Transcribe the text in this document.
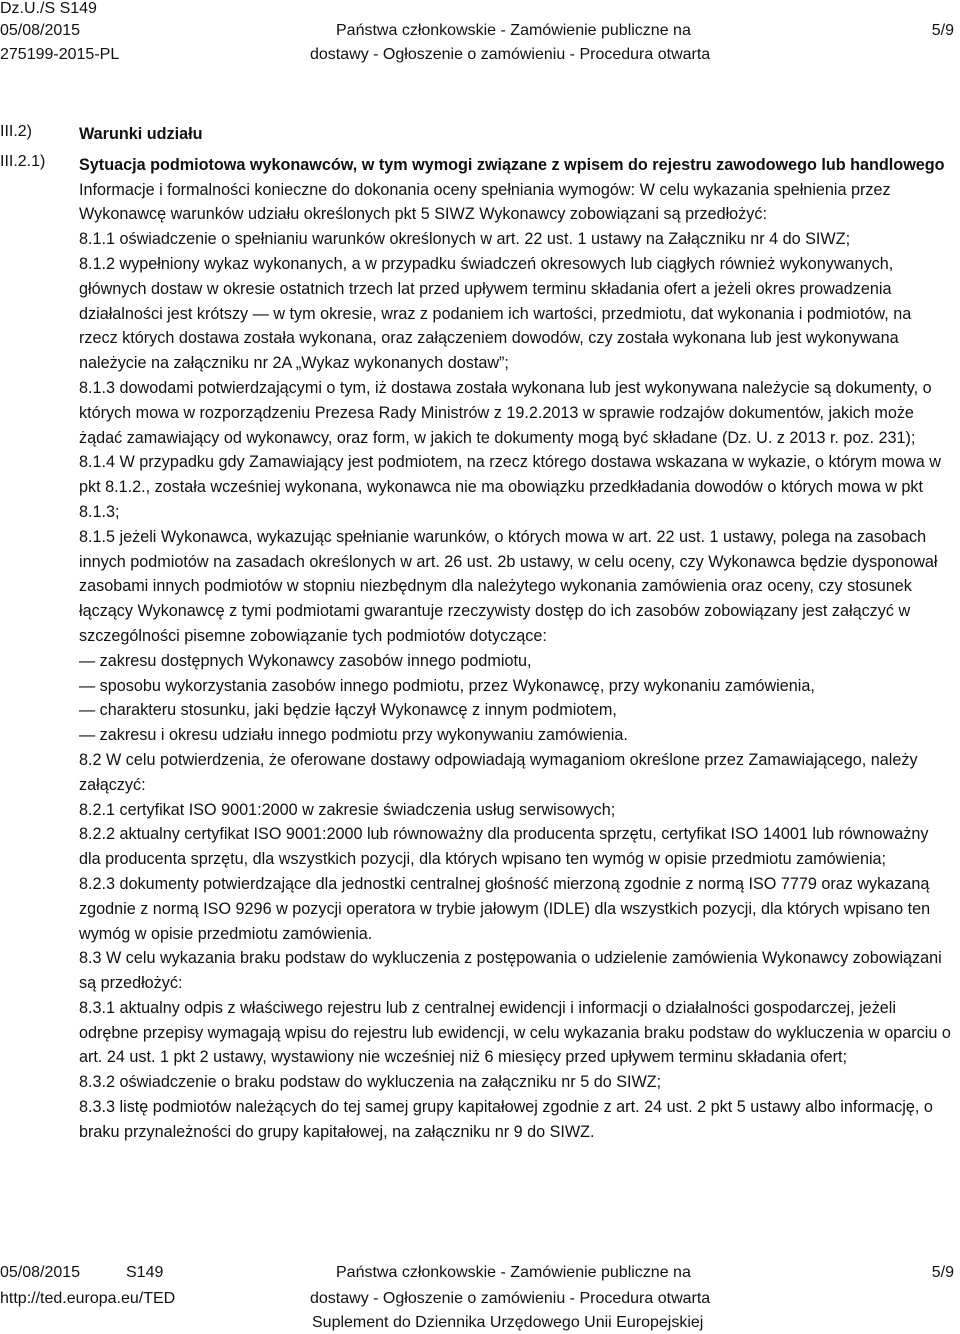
Dz.U./S S149
05/08/2015
275199-2015-PL
Państwa członkowskie - Zamówienie publiczne na
dostawy - Ogłoszenie o zamówieniu - Procedura otwarta
5/9
III.2)
III.2.1)

Warunki udziału

Sytuacja podmiotowa wykonawców, w tym wymogi związane z wpisem do rejestru zawodowego lub handlowego

Informacje i formalności konieczne do dokonania oceny spełniania wymogów: W celu wykazania spełnienia przez Wykonawcę warunków udziału określonych pkt 5 SIWZ Wykonawcy zobowiązani są przedłożyć:

8.1.1 oświadczenie o spełnianiu warunków określonych w art. 22 ust. 1 ustawy na Załączniku nr 4 do SIWZ;

8.1.2 wypełniony wykaz wykonanych, a w przypadku świadczeń okresowych lub ciągłych również wykonywanych, głównych dostaw w okresie ostatnich trzech lat przed upływem terminu składania ofert a jeżeli okres prowadzenia działalności jest krótszy — w tym okresie, wraz z podaniem ich wartości, przedmiotu, dat wykonania i podmiotów, na rzecz których dostawa została wykonana, oraz załączeniem dowodów, czy została wykonana lub jest wykonywana należycie na załączniku nr 2A „Wykaz wykonanych dostaw”;

8.1.3 dowodami potwierdzającymi o tym, iż dostawa została wykonana lub jest wykonywana należycie są dokumenty, o których mowa w rozporządzeniu Prezesa Rady Ministrów z 19.2.2013 w sprawie rodzajów dokumentów, jakich może żądać zamawiający od wykonawcy, oraz form, w jakich te dokumenty mogą być składane (Dz. U. z 2013 r. poz. 231);

8.1.4 W przypadku gdy Zamawiający jest podmiotem, na rzecz którego dostawa wskazana w wykazie, o którym mowa w pkt 8.1.2., została wcześniej wykonana, wykonawca nie ma obowiązku przedkładania dowodów o których mowa w pkt 8.1.3;

8.1.5 jeżeli Wykonawca, wykazując spełnianie warunków, o których mowa w art. 22 ust. 1 ustawy, polega na zasobach innych podmiotów na zasadach określonych w art. 26 ust. 2b ustawy, w celu oceny, czy Wykonawca będzie dysponował zasobami innych podmiotów w stopniu niezbędnym dla należytego wykonania zamówienia oraz oceny, czy stosunek łączący Wykonawcę z tymi podmiotami gwarantuje rzeczywisty dostęp do ich zasobów zobowiązany jest załączyć w szczególności pisemne zobowiązanie tych podmiotów dotyczące:

— zakresu dostępnych Wykonawcy zasobów innego podmiotu,

— sposobu wykorzystania zasobów innego podmiotu, przez Wykonawcę, przy wykonaniu zamówienia,

— charakteru stosunku, jaki będzie łączył Wykonawcę z innym podmiotem,

— zakresu i okresu udziału innego podmiotu przy wykonywaniu zamówienia.

8.2 W celu potwierdzenia, że oferowane dostawy odpowiadają wymaganiom określone przez Zamawiającego, należy załączyć:

8.2.1 certyfikat ISO 9001:2000 w zakresie świadczenia usług serwisowych;

8.2.2 aktualny certyfikat ISO 9001:2000 lub równoważny dla producenta sprzętu, certyfikat ISO 14001 lub równoważny dla producenta sprzętu, dla wszystkich pozycji, dla których wpisano ten wymóg w opisie przedmiotu zamówienia;

8.2.3 dokumenty potwierdzające dla jednostki centralnej głośność mierzoną zgodnie z normą ISO 7779 oraz wykazaną zgodnie z normą ISO 9296 w pozycji operatora w trybie jałowym (IDLE) dla wszystkich pozycji, dla których wpisano ten wymóg w opisie przedmiotu zamówienia.

8.3 W celu wykazania braku podstaw do wykluczenia z postępowania o udzielenie zamówienia Wykonawcy zobowiązani są przedłożyć:

8.3.1 aktualny odpis z właściwego rejestru lub z centralnej ewidencji i informacji o działalności gospodarczej, jeżeli odrębne przepisy wymagają wpisu do rejestru lub ewidencji, w celu wykazania braku podstaw do wykluczenia w oparciu o art. 24 ust. 1 pkt 2 ustawy, wystawiony nie wcześniej niż 6 miesięcy przed upływem terminu składania ofert;

8.3.2 oświadczenie o braku podstaw do wykluczenia na załączniku nr 5 do SIWZ;

8.3.3 listę podmiotów należących do tej samej grupy kapitałowej zgodnie z art. 24 ust. 2 pkt 5 ustawy albo informację, o braku przynależności do grupy kapitałowej, na załączniku nr 9 do SIWZ.

05/08/2015	S149
http://ted.europa.eu/TED
Państwa członkowskie - Zamówienie publiczne na
dostawy - Ogłoszenie o zamówieniu - Procedura otwarta
Suplement do Dziennika Urzędowego Unii Europejskiej
5/9
